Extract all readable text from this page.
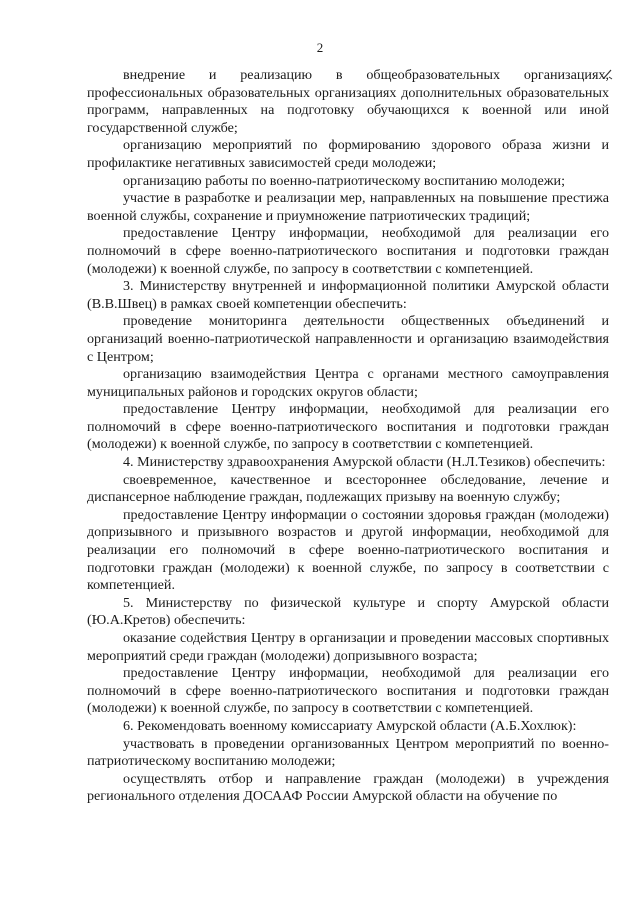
2

внедрение и реализацию в общеобразовательных организациях, профессиональных образовательных организациях дополнительных образовательных программ, направленных на подготовку обучающихся к военной или иной государственной службе;

организацию мероприятий по формированию здорового образа жизни и профилактике негативных зависимостей среди молодежи;

организацию работы по военно-патриотическому воспитанию молодежи;

участие в разработке и реализации мер, направленных на повышение престижа военной службы, сохранение и приумножение патриотических традиций;

предоставление Центру информации, необходимой для реализации его полномочий в сфере военно-патриотического воспитания и подготовки граждан (молодежи) к военной службе, по запросу в соответствии с компетенцией.

3. Министерству внутренней и информационной политики Амурской области (В.В.Швец) в рамках своей компетенции обеспечить:

проведение мониторинга деятельности общественных объединений и организаций военно-патриотической направленности и организацию взаимодействия с Центром;

организацию взаимодействия Центра с органами местного самоуправления муниципальных районов и городских округов области;

предоставление Центру информации, необходимой для реализации его полномочий в сфере военно-патриотического воспитания и подготовки граждан (молодежи) к военной службе, по запросу в соответствии с компетенцией.

4. Министерству здравоохранения Амурской области (Н.Л.Тезиков) обеспечить:

своевременное, качественное и всестороннее обследование, лечение и диспансерное наблюдение граждан, подлежащих призыву на военную службу;

предоставление Центру информации о состоянии здоровья граждан (молодежи) допризывного и призывного возрастов и другой информации, необходимой для реализации его полномочий в сфере военно-патриотического воспитания и подготовки граждан (молодежи) к военной службе, по запросу в соответствии с компетенцией.

5. Министерству по физической культуре и спорту Амурской области (Ю.А.Кретов) обеспечить:

оказание содействия Центру в организации и проведении массовых спортивных мероприятий среди граждан (молодежи) допризывного возраста;

предоставление Центру информации, необходимой для реализации его полномочий в сфере военно-патриотического воспитания и подготовки граждан (молодежи) к военной службе, по запросу в соответствии с компетенцией.

6. Рекомендовать военному комиссариату Амурской области (А.Б.Хохлюк):

участвовать в проведении организованных Центром мероприятий по военно-патриотическому воспитанию молодежи;

осуществлять отбор и направление граждан (молодежи) в учреждения регионального отделения ДОСААФ России Амурской области на обучение по
